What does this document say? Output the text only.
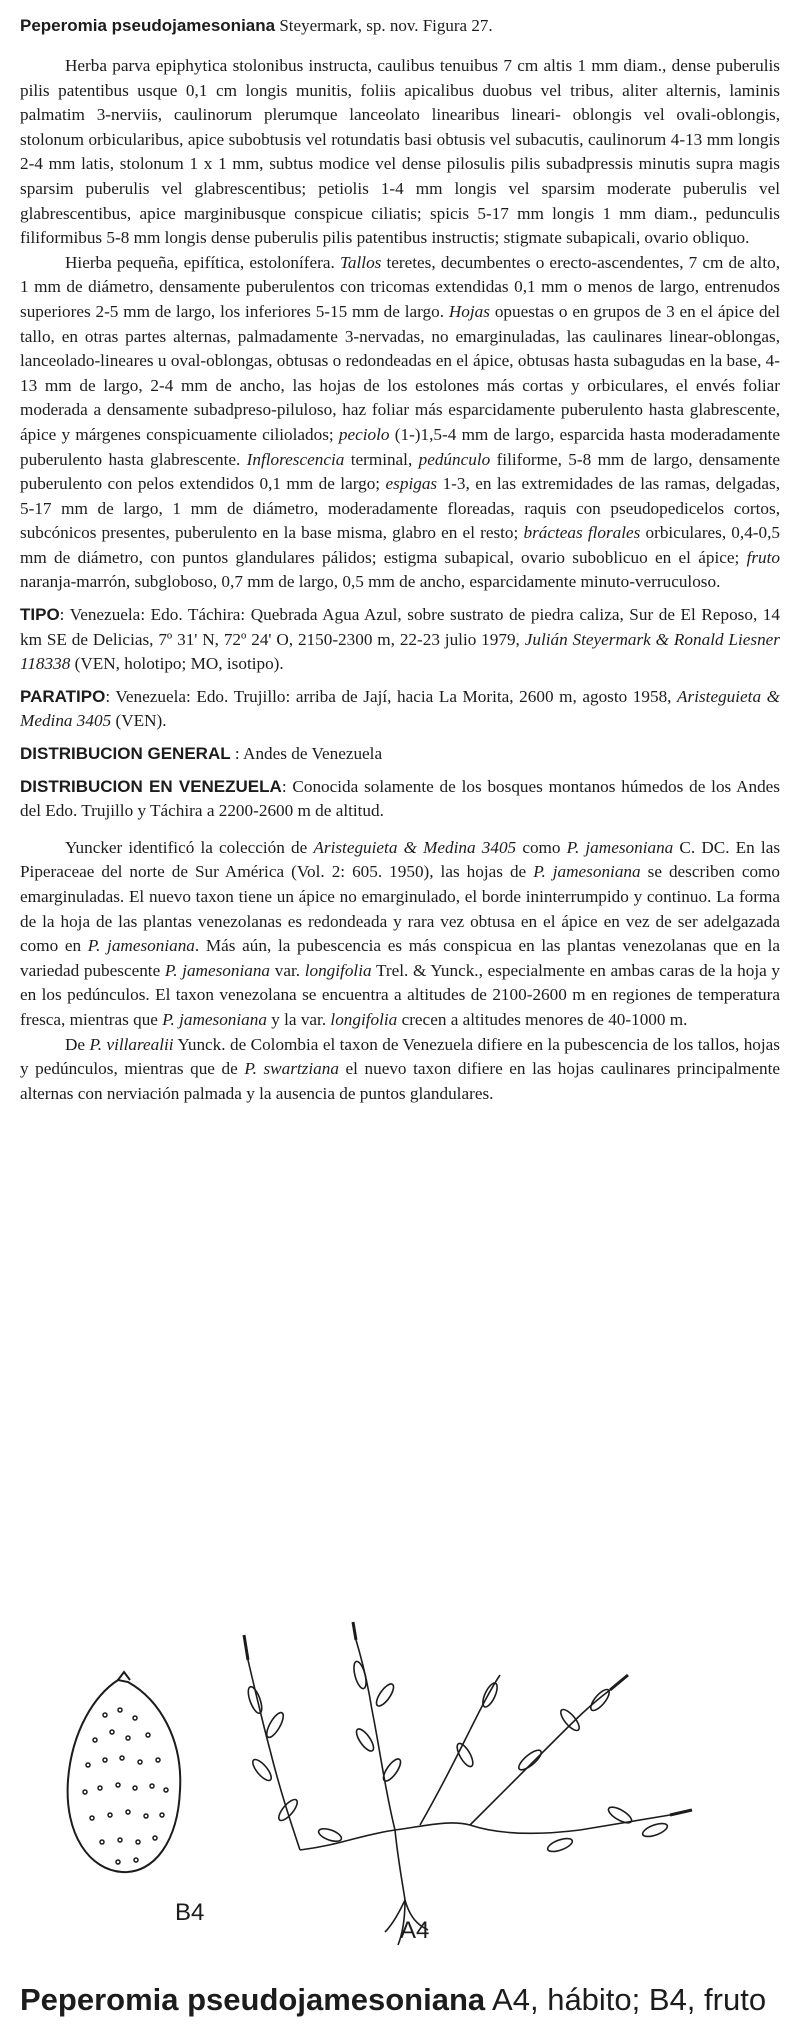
Peperomia pseudojamesoniana Steyermark, sp. nov. Figura 27.

Herba parva epiphytica stolonibus instructa, caulibus tenuibus 7 cm altis 1 mm diam., dense puberulis pilis patentibus usque 0,1 cm longis munitis, foliis apicalibus duobus vel tribus, aliter alternis, laminis palmatim 3-nerviis, caulinorum plerumque lanceolato linearibus lineari- oblongis vel ovali-oblongis, stolonum orbicularibus, apice subobtusis vel rotundatis basi obtusis vel subacutis, caulinorum 4-13 mm longis 2-4 mm latis, stolonum 1 x 1 mm, subtus modice vel dense pilosulis pilis subadpressis minutis supra magis sparsim puberulis vel glabrescentibus; petiolis 1-4 mm longis vel sparsim moderate puberulis vel glabrescentibus, apice marginibusque conspicue ciliatis; spicis 5-17 mm longis 1 mm diam., pedunculis filiformibus 5-8 mm longis dense puberulis pilis patentibus instructis; stigmate subapicali, ovario obliquo.

Hierba pequeña, epifítica, estolonífera. Tallos teretes, decumbentes o erecto-ascendentes, 7 cm de alto, 1 mm de diámetro, densamente puberulentos con tricomas extendidas 0,1 mm o menos de largo, entrenudos superiores 2-5 mm de largo, los inferiores 5-15 mm de largo. Hojas opuestas o en grupos de 3 en el ápice del tallo, en otras partes alternas, palmadamente 3-nervadas, no emarginuladas, las caulinares linear-oblongas, lanceolado-lineares u oval-oblongas, obtusas o redondeadas en el ápice, obtusas hasta subagudas en la base, 4-13 mm de largo, 2-4 mm de ancho, las hojas de los estolones más cortas y orbiculares, el envés foliar moderada a densamente subadpreso-piluloso, haz foliar más esparcidamente puberulento hasta glabrescente, ápice y márgenes conspicuamente ciliolados; peciolo (1-)1,5-4 mm de largo, esparcida hasta moderadamente puberulento hasta glabrescente. Inflorescencia terminal, pedúnculo filiforme, 5-8 mm de largo, densamente puberulento con pelos extendidos 0,1 mm de largo; espigas 1-3, en las extremidades de las ramas, delgadas, 5-17 mm de largo, 1 mm de diámetro, moderadamente floreadas, raquis con pseudopedicelos cortos, subcónicos presentes, puberulento en la base misma, glabro en el resto; brácteas florales orbiculares, 0,4-0,5 mm de diámetro, con puntos glandulares pálidos; estigma subapical, ovario suboblicuo en el ápice; fruto naranja-marrón, subgloboso, 0,7 mm de largo, 0,5 mm de ancho, esparcidamente minuto-verruculoso.

TIPO: Venezuela: Edo. Táchira: Quebrada Agua Azul, sobre sustrato de piedra caliza, Sur de El Reposo, 14 km SE de Delicias, 7º 31' N, 72º 24' O, 2150-2300 m, 22-23 julio 1979, Julián Steyermark & Ronald Liesner 118338 (VEN, holotipo; MO, isotipo).

PARATIPO: Venezuela: Edo. Trujillo: arriba de Jají, hacia La Morita, 2600 m, agosto 1958, Aristeguieta & Medina 3405 (VEN).

DISTRIBUCION GENERAL : Andes de Venezuela

DISTRIBUCION EN VENEZUELA: Conocida solamente de los bosques montanos húmedos de los Andes del Edo. Trujillo y Táchira a 2200-2600 m de altitud.

Yuncker identificó la colección de Aristeguieta & Medina 3405 como P. jamesoniana C. DC. En las Piperaceae del norte de Sur América (Vol. 2: 605. 1950), las hojas de P. jamesoniana se describen como emarginuladas. El nuevo taxon tiene un ápice no emarginulado, el borde ininterrumpido y continuo. La forma de la hoja de las plantas venezolanas es redondeada y rara vez obtusa en el ápice en vez de ser adelgazada como en P. jamesoniana. Más aún, la pubescencia es más conspicua en las plantas venezolanas que en la variedad pubescente P. jamesoniana var. longifolia Trel. & Yunck., especialmente en ambas caras de la hoja y en los pedúnculos. El taxon venezolana se encuentra a altitudes de 2100-2600 m en regiones de temperatura fresca, mientras que P. jamesoniana y la var. longifolia crecen a altitudes menores de 40-1000 m.

De P. villarealii Yunck. de Colombia el taxon de Venezuela difiere en la pubescencia de los tallos, hojas y pedúnculos, mientras que de P. swartziana el nuevo taxon difiere en las hojas caulinares principalmente alternas con nerviación palmada y la ausencia de puntos glandulares.

B4
A4
Peperomia pseudojamesoniana A4, hábito; B4, fruto
